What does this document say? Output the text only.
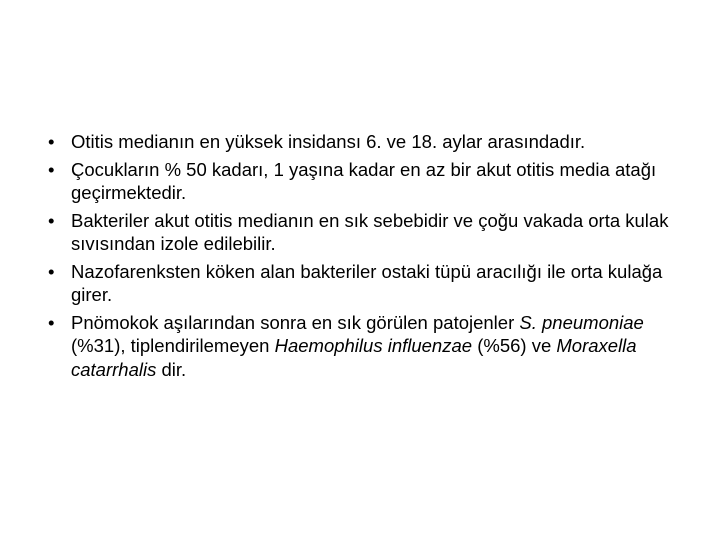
• Otitis medianın en yüksek insidansı 6. ve 18. aylar arasındadır.
• Çocukların % 50 kadarı, 1 yaşına kadar en az bir akut otitis media atağı geçirmektedir.
• Bakteriler akut otitis medianın en sık sebebidir ve çoğu vakada orta kulak sıvısından izole edilebilir.
• Nazofarenksten köken alan bakteriler ostaki tüpü aracılığı ile orta kulağa girer.
• Pnömokok aşılarından sonra en sık görülen patojenler S. pneumoniae (%31), tiplendirilemeyen Haemophilus influenzae (%56) ve Moraxella catarrhalis dir.
